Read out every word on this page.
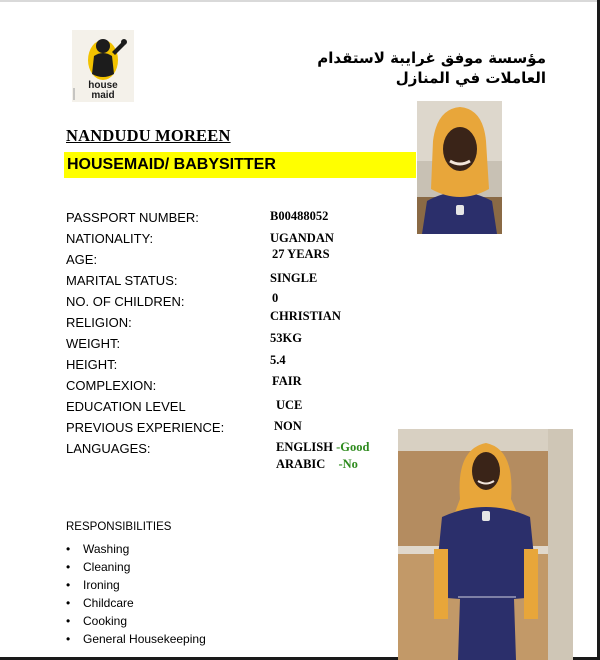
house
maid
مؤسسة موفق غرايبة لاستقدام العاملات في المنازل
NANDUDU MOREEN
HOUSEMAID/ BABYSITTER
PASSPORT NUMBER:	B00488052
NATIONALITY:	UGANDAN
AGE:	27 YEARS
MARITAL STATUS:	SINGLE
NO. OF CHILDREN:	0
RELIGION:	CHRISTIAN
WEIGHT:	53KG
HEIGHT:	5.4
COMPLEXION:	FAIR
EDUCATION LEVEL	UCE
PREVIOUS EXPERIENCE:	NON
LANGUAGES:	ENGLISH -Good
ARABIC -No
RESPONSIBILITIES
• Washing
• Cleaning
• Ironing
• Childcare
• Cooking
• General Housekeeping
